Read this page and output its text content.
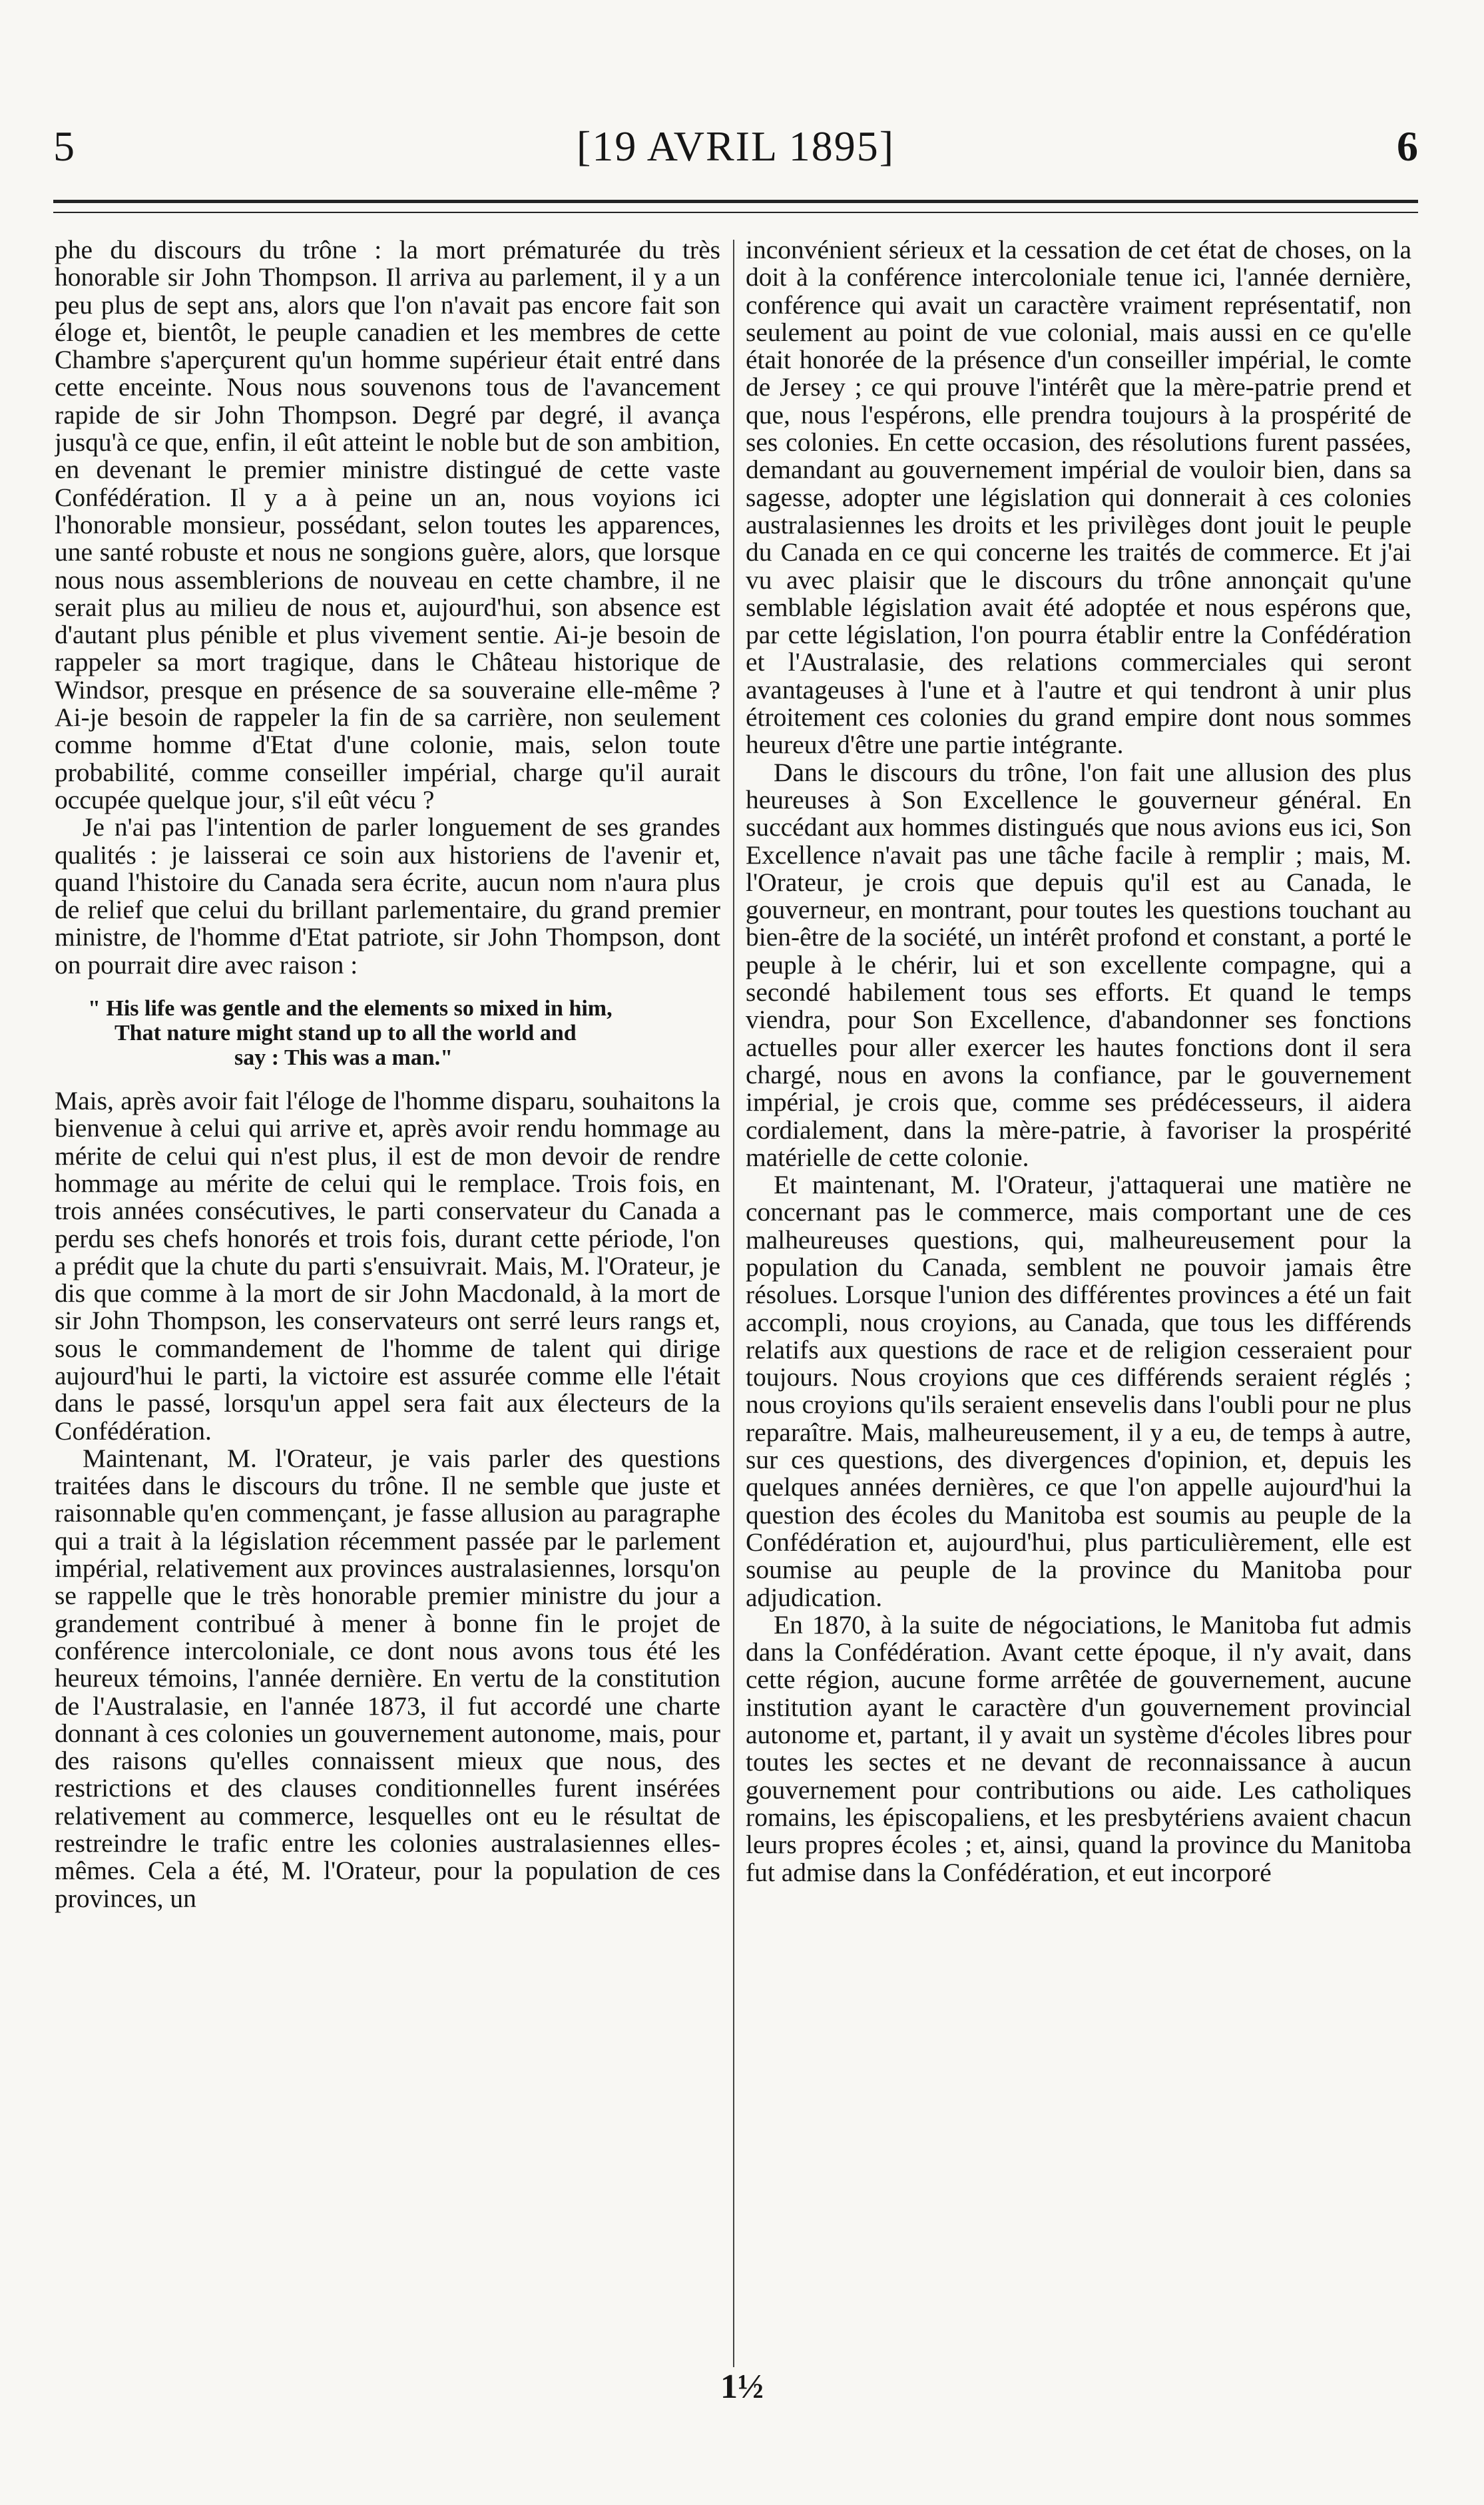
5	[19 AVRIL 1895]	6

phe du discours du trône : la mort prématurée du très honorable sir John Thompson. Il arriva au parlement, il y a un peu plus de sept ans, alors que l'on n'avait pas encore fait son éloge et, bientôt, le peuple canadien et les membres de cette Chambre s'aperçurent qu'un homme supérieur était entré dans cette enceinte. Nous nous souvenons tous de l'avancement rapide de sir John Thompson. Degré par degré, il avança jusqu'à ce que, enfin, il eût atteint le noble but de son ambition, en devenant le premier ministre distingué de cette vaste Confédération. Il y a à peine un an, nous voyions ici l'honorable monsieur, possédant, selon toutes les apparences, une santé robuste et nous ne songions guère, alors, que lorsque nous nous assemblerions de nouveau en cette chambre, il ne serait plus au milieu de nous et, aujourd'hui, son absence est d'autant plus pénible et plus vivement sentie. Ai-je besoin de rappeler sa mort tragique, dans le Château historique de Windsor, presque en présence de sa souveraine elle-même ? Ai-je besoin de rappeler la fin de sa carrière, non seulement comme homme d'Etat d'une colonie, mais, selon toute probabilité, comme conseiller impérial, charge qu'il aurait occupée quelque jour, s'il eût vécu ?

Je n'ai pas l'intention de parler longuement de ses grandes qualités : je laisserai ce soin aux historiens de l'avenir et, quand l'histoire du Canada sera écrite, aucun nom n'aura plus de relief que celui du brillant parlementaire, du grand premier ministre, de l'homme d'Etat patriote, sir John Thompson, dont on pourrait dire avec raison :

" His life was gentle and the elements so mixed in him,
That nature might stand up to all the world and
say : This was a man."

Mais, après avoir fait l'éloge de l'homme disparu, souhaitons la bienvenue à celui qui arrive et, après avoir rendu hommage au mérite de celui qui n'est plus, il est de mon devoir de rendre hommage au mérite de celui qui le remplace. Trois fois, en trois années consécutives, le parti conservateur du Canada a perdu ses chefs honorés et trois fois, durant cette période, l'on a prédit que la chute du parti s'ensuivrait. Mais, M. l'Orateur, je dis que comme à la mort de sir John Macdonald, à la mort de sir John Thompson, les conservateurs ont serré leurs rangs et, sous le commandement de l'homme de talent qui dirige aujourd'hui le parti, la victoire est assurée comme elle l'était dans le passé, lorsqu'un appel sera fait aux électeurs de la Confédération.

Maintenant, M. l'Orateur, je vais parler des questions traitées dans le discours du trône. Il ne semble que juste et raisonnable qu'en commençant, je fasse allusion au paragraphe qui a trait à la législation récemment passée par le parlement impérial, relativement aux provinces australasiennes, lorsqu'on se rappelle que le très honorable premier ministre du jour a grandement contribué à mener à bonne fin le projet de conférence intercoloniale, ce dont nous avons tous été les heureux témoins, l'année dernière. En vertu de la constitution de l'Australasie, en l'année 1873, il fut accordé une charte donnant à ces colonies un gouvernement autonome, mais, pour des raisons qu'elles connaissent mieux que nous, des restrictions et des clauses conditionnelles furent insérées relativement au commerce, lesquelles ont eu le résultat de restreindre le trafic entre les colonies australasiennes elles-mêmes. Cela a été, M. l'Orateur, pour la population de ces provinces, un

inconvénient sérieux et la cessation de cet état de choses, on la doit à la conférence intercoloniale tenue ici, l'année dernière, conférence qui avait un caractère vraiment représentatif, non seulement au point de vue colonial, mais aussi en ce qu'elle était honorée de la présence d'un conseiller impérial, le comte de Jersey ; ce qui prouve l'intérêt que la mère-patrie prend et que, nous l'espérons, elle prendra toujours à la prospérité de ses colonies. En cette occasion, des résolutions furent passées, demandant au gouvernement impérial de vouloir bien, dans sa sagesse, adopter une législation qui donnerait à ces colonies australasiennes les droits et les privilèges dont jouit le peuple du Canada en ce qui concerne les traités de commerce. Et j'ai vu avec plaisir que le discours du trône annonçait qu'une semblable législation avait été adoptée et nous espérons que, par cette législation, l'on pourra établir entre la Confédération et l'Australasie, des relations commerciales qui seront avantageuses à l'une et à l'autre et qui tendront à unir plus étroitement ces colonies du grand empire dont nous sommes heureux d'être une partie intégrante.

Dans le discours du trône, l'on fait une allusion des plus heureuses à Son Excellence le gouverneur général. En succédant aux hommes distingués que nous avions eus ici, Son Excellence n'avait pas une tâche facile à remplir ; mais, M. l'Orateur, je crois que depuis qu'il est au Canada, le gouverneur, en montrant, pour toutes les questions touchant au bien-être de la société, un intérêt profond et constant, a porté le peuple à le chérir, lui et son excellente compagne, qui a secondé habilement tous ses efforts. Et quand le temps viendra, pour Son Excellence, d'abandonner ses fonctions actuelles pour aller exercer les hautes fonctions dont il sera chargé, nous en avons la confiance, par le gouvernement impérial, je crois que, comme ses prédécesseurs, il aidera cordialement, dans la mère-patrie, à favoriser la prospérité matérielle de cette colonie.

Et maintenant, M. l'Orateur, j'attaquerai une matière ne concernant pas le commerce, mais comportant une de ces malheureuses questions, qui, malheureusement pour la population du Canada, semblent ne pouvoir jamais être résolues. Lorsque l'union des différentes provinces a été un fait accompli, nous croyions, au Canada, que tous les différends relatifs aux questions de race et de religion cesseraient pour toujours. Nous croyions que ces différends seraient réglés ; nous croyions qu'ils seraient ensevelis dans l'oubli pour ne plus reparaître. Mais, malheureusement, il y a eu, de temps à autre, sur ces questions, des divergences d'opinion, et, depuis les quelques années dernières, ce que l'on appelle aujourd'hui la question des écoles du Manitoba est soumis au peuple de la Confédération et, aujourd'hui, plus particulièrement, elle est soumise au peuple de la province du Manitoba pour adjudication.

En 1870, à la suite de négociations, le Manitoba fut admis dans la Confédération. Avant cette époque, il n'y avait, dans cette région, aucune forme arrêtée de gouvernement, aucune institution ayant le caractère d'un gouvernement provincial autonome et, partant, il y avait un système d'écoles libres pour toutes les sectes et ne devant de reconnaissance à aucun gouvernement pour contributions ou aide. Les catholiques romains, les épiscopaliens, et les presbytériens avaient chacun leurs propres écoles ; et, ainsi, quand la province du Manitoba fut admise dans la Confédération, et eut incorporé

1½
